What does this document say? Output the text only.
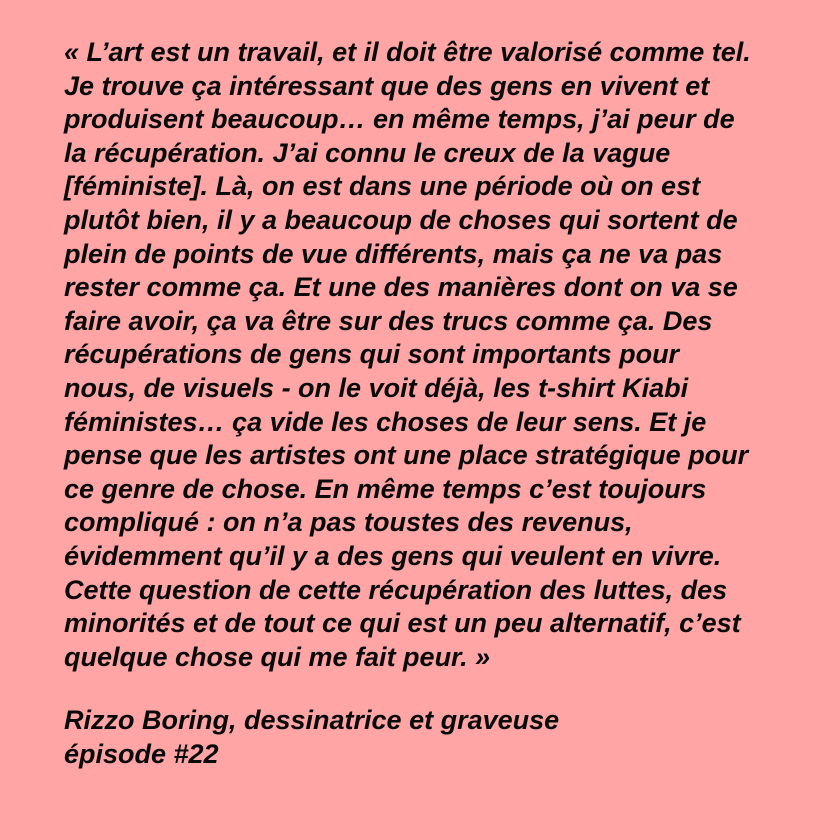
« L’art est un travail, et il doit être valorisé comme tel.
Je trouve ça intéressant que des gens en vivent et
produisent beaucoup… en même temps, j’ai peur de
la récupération. J’ai connu le creux de la vague
[féministe]. Là, on est dans une période où on est
plutôt bien, il y a beaucoup de choses qui sortent de
plein de points de vue différents, mais ça ne va pas
rester comme ça. Et une des manières dont on va se
faire avoir, ça va être sur des trucs comme ça. Des
récupérations de gens qui sont importants pour
nous, de visuels - on le voit déjà, les t-shirt Kiabi
féministes… ça vide les choses de leur sens. Et je
pense que les artistes ont une place stratégique pour
ce genre de chose. En même temps c’est toujours
compliqué : on n’a pas toustes des revenus,
évidemment qu’il y a des gens qui veulent en vivre.
Cette question de cette récupération des luttes, des
minorités et de tout ce qui est un peu alternatif, c’est
quelque chose qui me fait peur. »
Rizzo Boring, dessinatrice et graveuse
épisode #22
